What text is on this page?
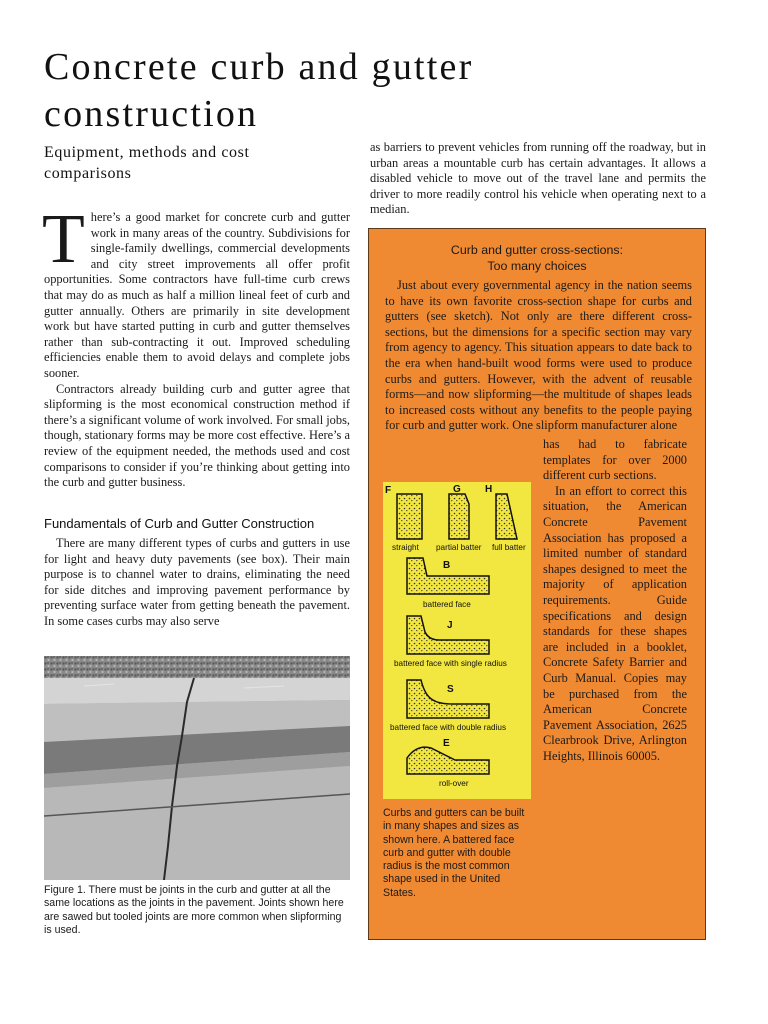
Concrete curb and gutter
construction
Equipment, methods and cost
comparisons

There’s a good market for concrete curb and gutter work in many areas of the country. Subdivisions for single-family dwellings, commercial developments and city street improvements all offer profit opportunities. Some contractors have full-time curb crews that may do as much as half a million lineal feet of curb and gutter annually. Others are primarily in site development work but have started putting in curb and gutter themselves rather than sub-contracting it out. Improved scheduling efficiencies enable them to avoid delays and complete jobs sooner.

Contractors already building curb and gutter agree that slipforming is the most economical construction method if there’s a significant volume of work involved. For small jobs, though, stationary forms may be more cost effective. Here’s a review of the equipment needed, the methods used and cost comparisons to consider if you’re thinking about getting into the curb and gutter business.

Fundamentals of Curb and Gutter Construction

There are many different types of curbs and gutters in use for light and heavy duty pavements (see box). Their main purpose is to channel water to drains, eliminating the need for side ditches and improving pavement performance by preventing surface water from getting beneath the pavement. In some cases curbs may also serve

Figure 1. There must be joints in the curb and gutter at all the same locations as the joints in the pavement. Joints shown here are sawed but tooled joints are more common when slipforming is used.

as barriers to prevent vehicles from running off the roadway, but in urban areas a mountable curb has certain advantages. It allows a disabled vehicle to move out of the travel lane and permits the driver to more readily control his vehicle when operating next to a median.

Curb and gutter cross-sections:
Too many choices

Just about every governmental agency in the nation seems to have its own favorite cross-section shape for curbs and gutters (see sketch). Not only are there different cross-sections, but the dimensions for a specific section may vary from agency to agency. This situation appears to date back to the era when hand-built wood forms were used to produce curbs and gutters. However, with the advent of reusable forms—and now slipforming—the multitude of shapes leads to increased costs without any benefits to the people paying for curb and gutter work. One slipform manufacturer alone

has had to fabricate templates for over 2000 different curb sections.

In an effort to correct this situation, the American Concrete Pavement Association has proposed a limited number of standard shapes designed to meet the majority of application requirements. Guide specifications and design standards for these shapes are included in a booklet, Concrete Safety Barrier and Curb Manual. Copies may be purchased from the American Concrete Pavement Association, 2625 Clearbrook Drive, Arlington Heights, Illinois 60005.

F	G H
B
J
S
E
straight partial batter full batter
battered face
battered face with single radius
battered face with double radius
roll-over
Curbs and gutters can be built in many shapes and sizes as shown here. A battered face curb and gutter with double radius is the most common shape used in the United States.
